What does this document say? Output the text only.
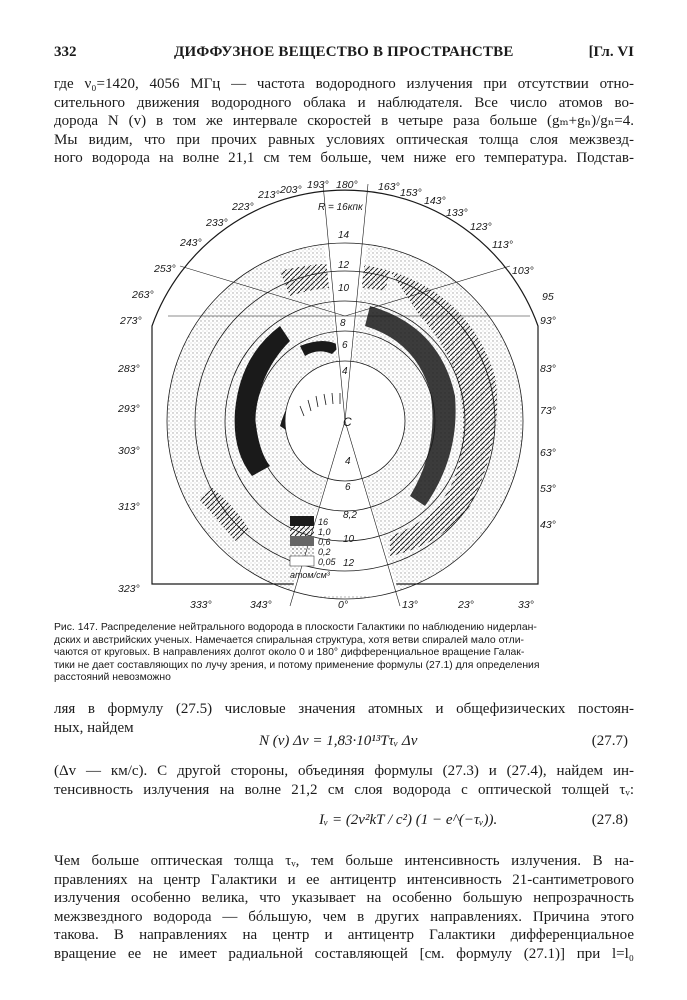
332	ДИФФУЗНОЕ ВЕЩЕСТВО В ПРОСТРАНСТВЕ	[Гл. VI
где ν₀=1420, 4056 МГц — частота водородного излучения при отсутствии отно-
сительного движения водородного облака и наблюдателя. Все число атомов во-
дорода N (v) в том же интервале скоростей в четыре раза больше (gₘ+gₙ)/gₙ=4.
Мы видим, что при прочих равных условиях оптическая толща слоя межзвезд-
ного водорода на волне 21,1 см тем больше, чем ниже его температура. Подстав-
213° 203° 193°
223°
233°
243°
253°
263°
273°
283°
293°
303°
313°
323°
180° 163° 153°
143°
133°
123°
113°
103°
95
93°
83°
73°
63°
53°
43°
333°	343°	0°	13°	23°	33°
R = 16кпк
14
12
10
8
6
4
C
4
6
8,2
10
12
16
1,0
0,6
0,2
0,05
атом/см³
Рис. 147. Распределение нейтрального водорода в плоскости Галактики по наблюдению нидерлан-
дских и австрийских ученых. Намечается спиральная структура, хотя ветви спиралей мало отли-
чаются от круговых. В направлениях долгот около 0 и 180° дифференциальное вращение Галак-
тики не дает составляющих по лучу зрения, и потому применение формулы (27.1) для определения
расстояний невозможно
ляя в формулу (27.5) числовые значения атомных и общефизических постоян-
ных, найдем
N (v) Δv = 1,83·10¹³Tτᵥ Δv	(27.7)
(Δv — км/с). С другой стороны, объединяя формулы (27.3) и (27.4), найдем ин-
тенсивность излучения на волне 21,2 см слоя водорода с оптической толщей τᵥ:
Iᵥ = (2ν²kT / c²) (1 − e^(−τᵥ)).	(27.8)
Чем больше оптическая толща τᵥ, тем больше интенсивность излучения. В на-
правлениях на центр Галактики и ее антицентр интенсивность 21-сантиметрового
излучения особенно велика, что указывает на особенно большую непрозрачность
межзвездного водорода — бóльшую, чем в других направлениях. Причина этого
такова. В направлениях на центр и антицентр Галактики дифференциальное
вращение ее не имеет радиальной составляющей [см. формулу (27.1)] при l=l₀
